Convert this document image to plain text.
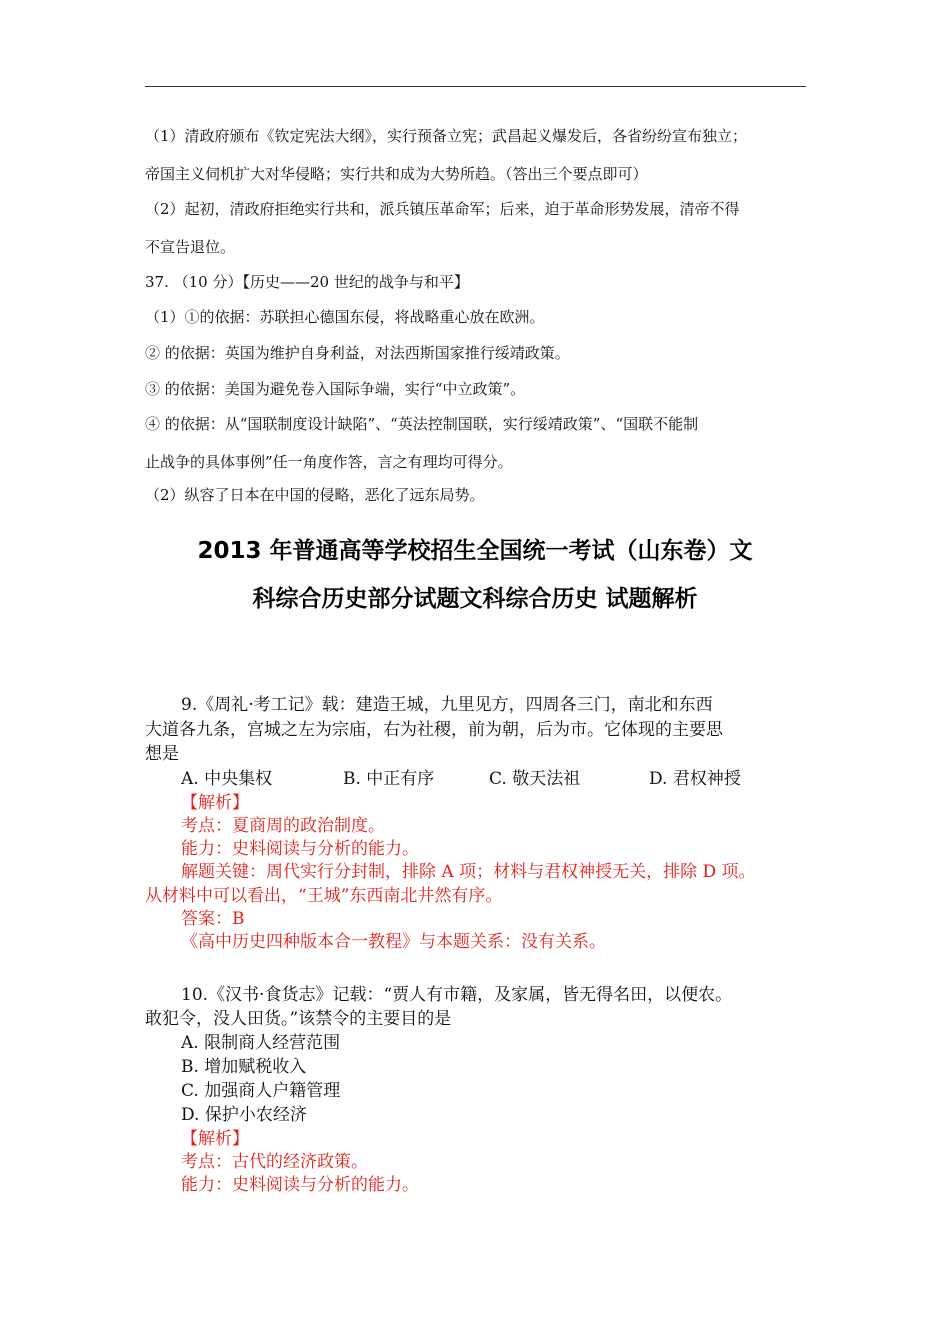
（1）清政府颁布《钦定宪法大纲》，实行预备立宪；武昌起义爆发后，各省纷纷宣布独立；
帝国主义伺机扩大对华侵略；实行共和成为大势所趋。（答出三个要点即可）
（2）起初，清政府拒绝实行共和，派兵镇压革命军；后来，迫于革命形势发展，清帝不得
不宣告退位。
37. （10 分）【历史——20 世纪的战争与和平】
（1）①的依据：苏联担心德国东侵，将战略重心放在欧洲。
② 的依据：英国为维护自身利益，对法西斯国家推行绥靖政策。
③ 的依据：美国为避免卷入国际争端，实行“中立政策”。
④ 的依据：从“国联制度设计缺陷”、“英法控制国联，实行绥靖政策”、“国联不能制
止战争的具体事例”任一角度作答，言之有理均可得分。
（2）纵容了日本在中国的侵略，恶化了远东局势。
2013 年普通高等学校招生全国统一考试（山东卷）文
科综合历史部分试题文科综合历史 试题解析
9.《周礼·考工记》载：建造王城，九里见方，四周各三门，南北和东西
大道各九条，宫城之左为宗庙，右为社稷，前为朝，后为市。它体现的主要思
想是
A. 中央集权	B. 中正有序	C. 敬天法祖	D. 君权神授
【解析】
考点：夏商周的政治制度。
能力：史料阅读与分析的能力。
解题关键：周代实行分封制，排除 A 项；材料与君权神授无关，排除 D 项。
从材料中可以看出，“王城”东西南北井然有序。
答案：B
《高中历史四种版本合一教程》与本题关系：没有关系。
10.《汉书·食货志》记载：“贾人有市籍，及家属，皆无得名田，以便农。
敢犯令，没人田货。”该禁令的主要目的是
A. 限制商人经营范围
B. 增加赋税收入
C. 加强商人户籍管理
D. 保护小农经济
【解析】
考点：古代的经济政策。
能力：史料阅读与分析的能力。
